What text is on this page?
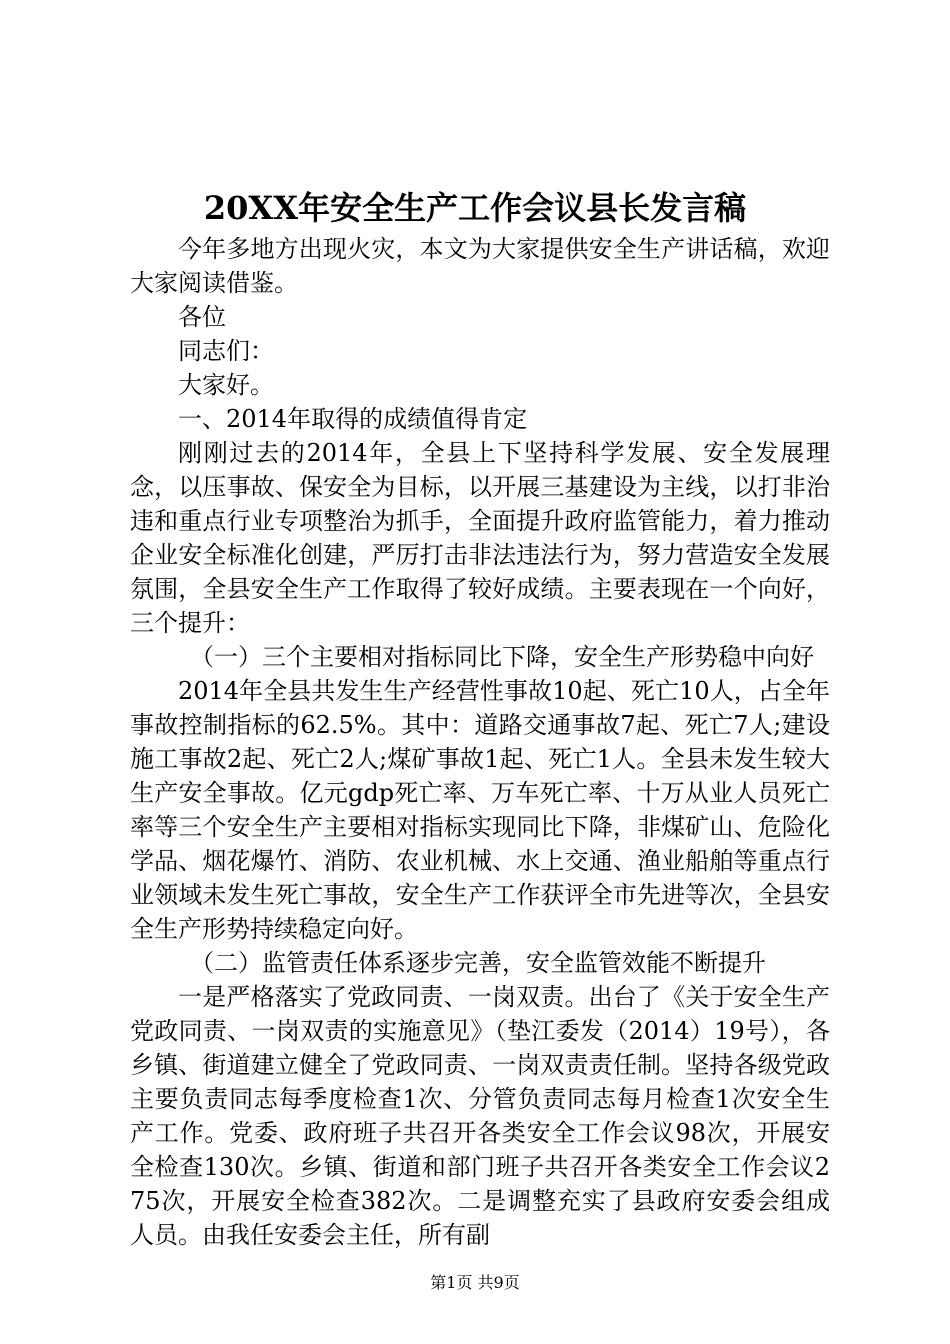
20XX年安全生产工作会议县长发言稿

今年多地方出现火灾，本文为大家提供安全生产讲话稿，欢迎大家阅读借鉴。

各位

同志们：

大家好。

一、2014年取得的成绩值得肯定

刚刚过去的2014年，全县上下坚持科学发展、安全发展理念，以压事故、保安全为目标，以开展三基建设为主线，以打非治违和重点行业专项整治为抓手，全面提升政府监管能力，着力推动企业安全标准化创建，严厉打击非法违法行为，努力营造安全发展氛围，全县安全生产工作取得了较好成绩。主要表现在一个向好，三个提升：

（一）三个主要相对指标同比下降，安全生产形势稳中向好

2014年全县共发生生产经营性事故10起、死亡10人，占全年事故控制指标的62.5%。其中：道路交通事故7起、死亡7人;建设施工事故2起、死亡2人;煤矿事故1起、死亡1人。全县未发生较大生产安全事故。亿元gdp死亡率、万车死亡率、十万从业人员死亡率等三个安全生产主要相对指标实现同比下降，非煤矿山、危险化学品、烟花爆竹、消防、农业机械、水上交通、渔业船舶等重点行业领域未发生死亡事故，安全生产工作获评全市先进等次，全县安全生产形势持续稳定向好。

（二）监管责任体系逐步完善，安全监管效能不断提升

一是严格落实了党政同责、一岗双责。出台了《关于安全生产党政同责、一岗双责的实施意见》（垫江委发（2014）19号），各乡镇、街道建立健全了党政同责、一岗双责责任制。坚持各级党政主要负责同志每季度检查1次、分管负责同志每月检查1次安全生产工作。党委、政府班子共召开各类安全工作会议98次，开展安全检查130次。乡镇、街道和部门班子共召开各类安全工作会议275次，开展安全检查382次。二是调整充实了县政府安委会组成人员。由我任安委会主任，所有副

第1页 共9页
